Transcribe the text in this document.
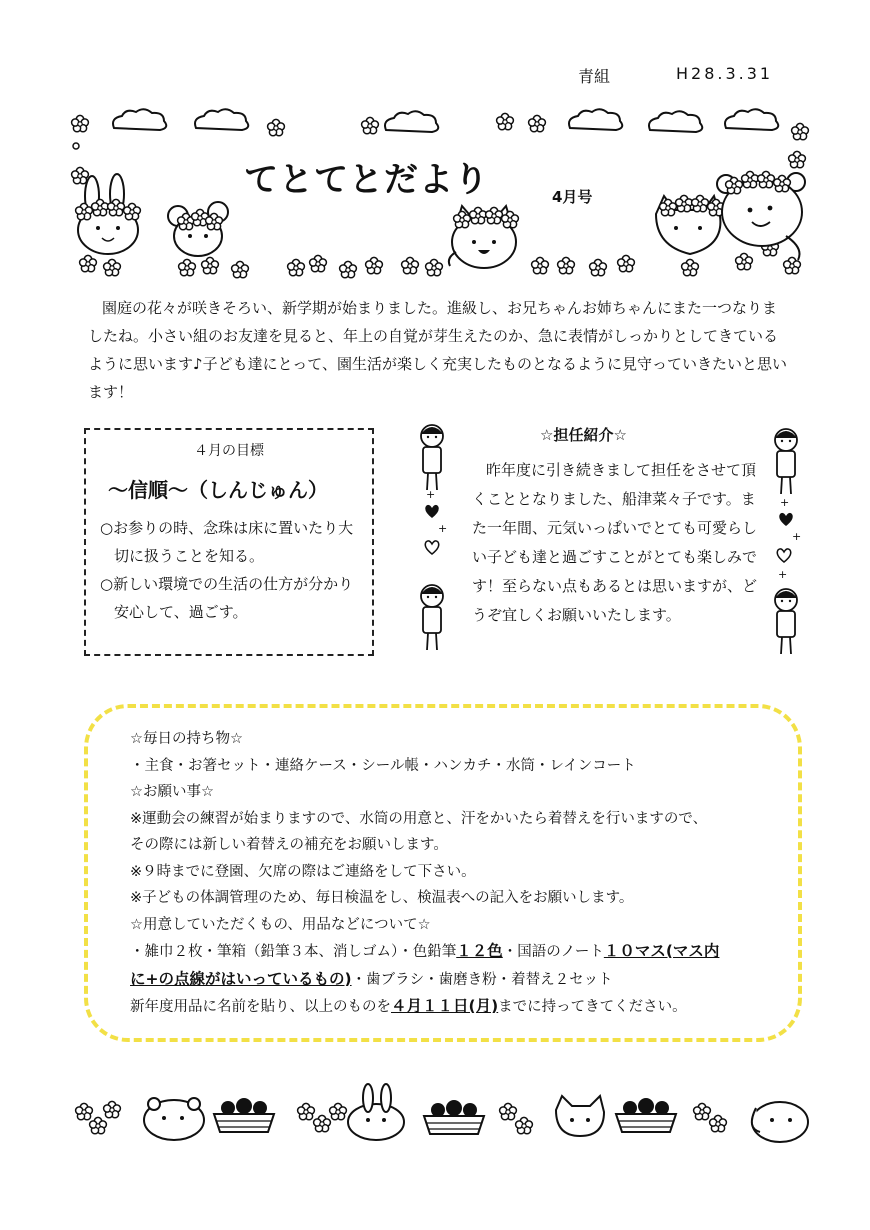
+
+
+
+
+
青組	H28.3.31
てとてとだより	4月号

園庭の花々が咲きそろい、新学期が始まりました。進級し、お兄ちゃんお姉ちゃんにまた一つなりましたね。小さい組のお友達を見ると、年上の自覚が芽生えたのか、急に表情がしっかりとしてきているように思います♪子ども達にとって、園生活が楽しく充実したものとなるように見守っていきたいと思います！

４月の目標
～信順～（しんじゅん）
○お参りの時、念珠は床に置いたり大切に扱うことを知る。
○新しい環境での生活の仕方が分かり安心して、過ごす。
☆担任紹介☆

昨年度に引き続きまして担任をさせて頂くこととなりました、船津菜々子です。また一年間、元気いっぱいでとても可愛らしい子ども達と過ごすことがとても楽しみです！至らない点もあるとは思いますが、どうぞ宜しくお願いいたします。

☆毎日の持ち物☆
・主食・お箸セット・連絡ケース・シール帳・ハンカチ・水筒・レインコート
☆お願い事☆
※運動会の練習が始まりますので、水筒の用意と、汗をかいたら着替えを行いますので、
その際には新しい着替えの補充をお願いします。
※９時までに登園、欠席の際はご連絡をして下さい。
※子どもの体調管理のため、毎日検温をし、検温表への記入をお願いします。
☆用意していただくもの、用品などについて☆
・雑巾２枚・筆箱（鉛筆３本、消しゴム）・色鉛筆１２色・国語のノート１０マス(マス内
に+の点線がはいっているもの)・歯ブラシ・歯磨き粉・着替え２セット
新年度用品に名前を貼り、以上のものを４月１１日(月)までに持ってきてください。
